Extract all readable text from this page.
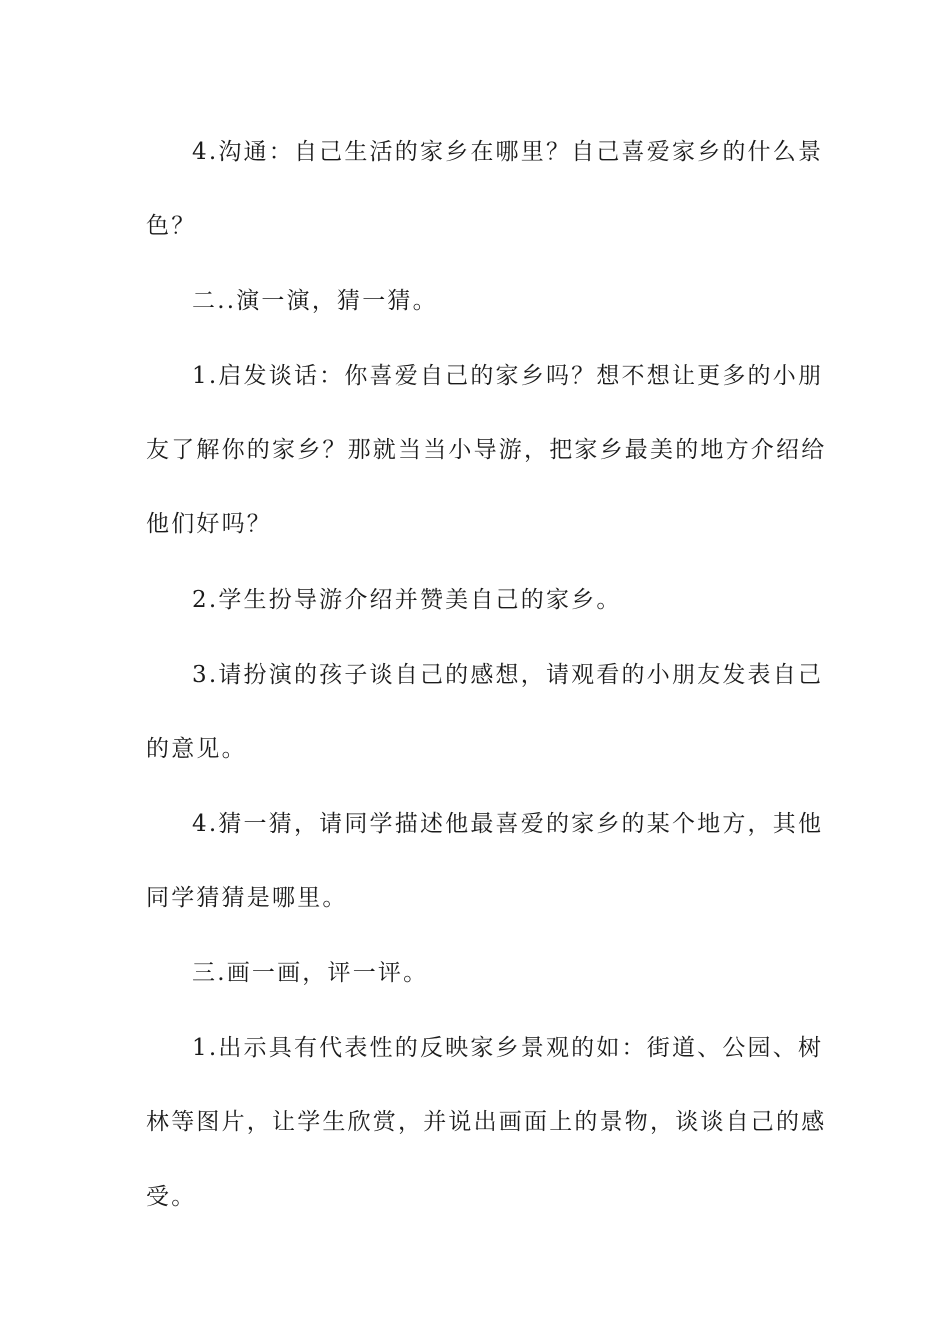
4.沟通：自己生活的家乡在哪里？自己喜爱家乡的什么景
色？
二..演一演，猜一猜。
1.启发谈话：你喜爱自己的家乡吗？想不想让更多的小朋
友了解你的家乡？那就当当小导游，把家乡最美的地方介绍给
他们好吗？
2.学生扮导游介绍并赞美自己的家乡。
3.请扮演的孩子谈自己的感想，请观看的小朋友发表自己
的意见。
4.猜一猜，请同学描述他最喜爱的家乡的某个地方，其他
同学猜猜是哪里。
三.画一画，评一评。
1.出示具有代表性的反映家乡景观的如：街道、公园、树
林等图片，让学生欣赏，并说出画面上的景物，谈谈自己的感
受。
